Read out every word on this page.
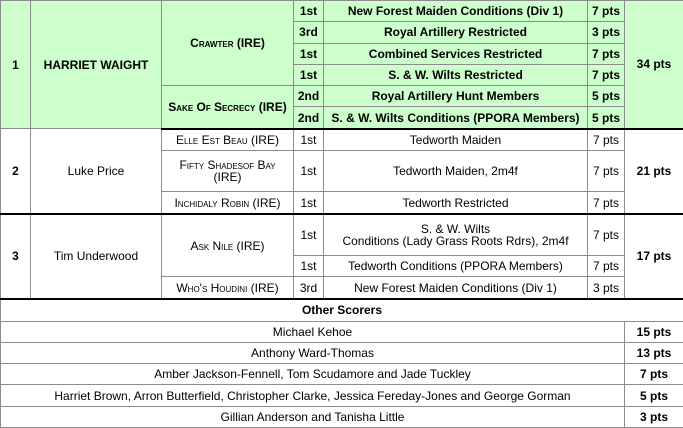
1	HARRIET WAIGHT	Crawter (IRE)	1st	New Forest Maiden Conditions (Div 1)	7 pts	34 pts
			3rd	Royal Artillery Restricted	3 pts	
			1st	Combined Services Restricted	7 pts	
			1st	S. & W. Wilts Restricted	7 pts	
		Sake Of Secrecy (IRE)	2nd	Royal Artillery Hunt Members	5 pts	
			2nd	S. & W. Wilts Conditions (PPORA Members)	5 pts	
2	Luke Price	Elle Est Beau (IRE)	1st	Tedworth Maiden	7 pts	21 pts
		Fifty Shadesof Bay (IRE)	1st	Tedworth Maiden, 2m4f	7 pts	
		Inchidaly Robin (IRE)	1st	Tedworth Restricted	7 pts	
3	Tim Underwood	Ask Nile (IRE)	1st	S. & W. Wilts
Conditions (Lady Grass Roots Rdrs), 2m4f	7 pts	17 pts
			1st	Tedworth Conditions (PPORA Members)	7 pts	
		Who's Houdini (IRE)	3rd	New Forest Maiden Conditions (Div 1)	3 pts	
Other Scorers						
Michael Kehoe						15 pts
Anthony Ward-Thomas						13 pts
Amber Jackson-Fennell, Tom Scudamore and Jade Tuckley						7 pts
Harriet Brown, Arron Butterfield, Christopher Clarke, Jessica Fereday-Jones and George Gorman						5 pts
Gillian Anderson and Tanisha Little						3 pts
